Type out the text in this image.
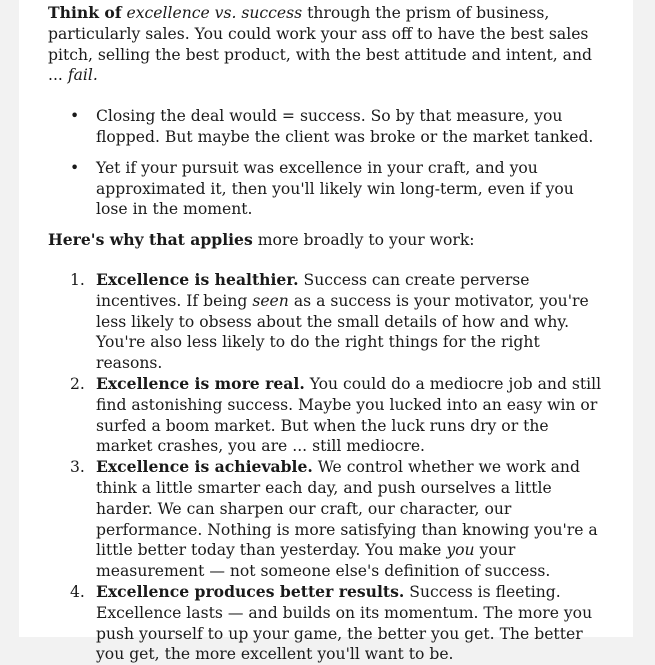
Think of excellence vs. success through the prism of business, particularly sales. You could work your ass off to have the best sales pitch, selling the best product, with the best attitude and intent, and ... fail.

• Closing the deal would = success. So by that measure, you flopped. But maybe the client was broke or the market tanked.
• Yet if your pursuit was excellence in your craft, and you approximated it, then you'll likely win long-term, even if you lose in the moment.

Here's why that applies more broadly to your work:

1. Excellence is healthier. Success can create perverse incentives. If being seen as a success is your motivator, you're less likely to obsess about the small details of how and why. You're also less likely to do the right things for the right reasons.
2. Excellence is more real. You could do a mediocre job and still find astonishing success. Maybe you lucked into an easy win or surfed a boom market. But when the luck runs dry or the market crashes, you are ... still mediocre.
3. Excellence is achievable. We control whether we work and think a little smarter each day, and push ourselves a little harder. We can sharpen our craft, our character, our performance. Nothing is more satisfying than knowing you're a little better today than yesterday. You make you your measurement — not someone else's definition of success.
4. Excellence produces better results. Success is fleeting. Excellence lasts — and builds on its momentum. The more you push yourself to up your game, the better you get. The better you get, the more excellent you'll want to be.
